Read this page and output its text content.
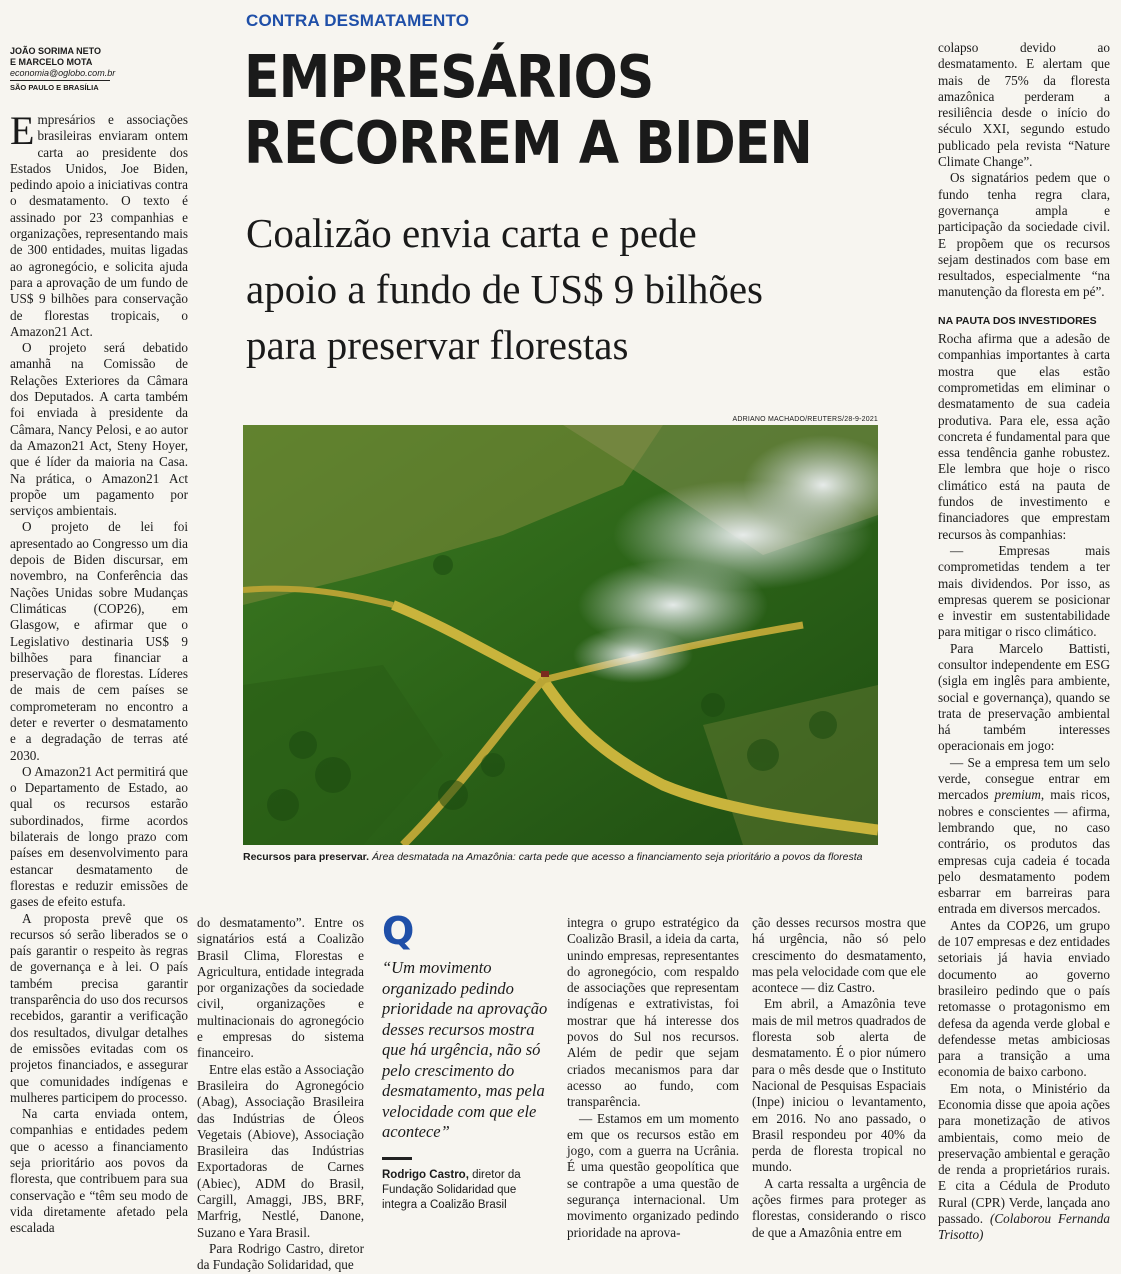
JOÃO SORIMA NETO
E MARCELO MOTA
economia@oglobo.com.br
SÃO PAULO E BRASÍLIA
CONTRA DESMATAMENTO
EMPRESÁRIOS
RECORREM A BIDEN
Coalizão envia carta e pede
apoio a fundo de US$ 9 bilhões
para preservar florestas
ADRIANO MACHADO/REUTERS/28-9-2021
Recursos para preservar. Área desmatada na Amazônia: carta pede que acesso a financiamento seja prioritário a povos da floresta

Empresários e associações brasileiras enviaram ontem carta ao presidente dos Estados Unidos, Joe Biden, pedindo apoio a iniciativas contra o desmatamento. O texto é assinado por 23 companhias e organizações, representando mais de 300 entidades, muitas ligadas ao agronegócio, e solicita ajuda para a aprovação de um fundo de US$ 9 bilhões para conservação de florestas tropicais, o Amazon21 Act.

O projeto será debatido amanhã na Comissão de Relações Exteriores da Câmara dos Deputados. A carta também foi enviada à presidente da Câmara, Nancy Pelosi, e ao autor da Amazon21 Act, Steny Hoyer, que é líder da maioria na Casa. Na prática, o Amazon21 Act propõe um pagamento por serviços ambientais.

O projeto de lei foi apresentado ao Congresso um dia depois de Biden discursar, em novembro, na Conferência das Nações Unidas sobre Mudanças Climáticas (COP26), em Glasgow, e afirmar que o Legislativo destinaria US$ 9 bilhões para financiar a preservação de florestas. Líderes de mais de cem países se comprometeram no encontro a deter e reverter o desmatamento e a degradação de terras até 2030.

O Amazon21 Act permitirá que o Departamento de Estado, ao qual os recursos estarão subordinados, firme acordos bilaterais de longo prazo com países em desenvolvimento para estancar desmatamento de florestas e reduzir emissões de gases de efeito estufa.

A proposta prevê que os recursos só serão liberados se o país garantir o respeito às regras de governança e à lei. O país também precisa garantir transparência do uso dos recursos recebidos, garantir a verificação dos resultados, divulgar detalhes de emissões evitadas com os projetos financiados, e assegurar que comunidades indígenas e mulheres participem do processo.

Na carta enviada ontem, companhias e entidades pedem que o acesso a financiamento seja prioritário aos povos da floresta, que contribuem para sua conservação e “têm seu modo de vida diretamente afetado pela escalada

do desmatamento”. Entre os signatários está a Coalizão Brasil Clima, Florestas e Agricultura, entidade integrada por organizações da sociedade civil, organizações e multinacionais do agronegócio e empresas do sistema financeiro.

Entre elas estão a Associação Brasileira do Agronegócio (Abag), Associação Brasileira das Indústrias de Óleos Vegetais (Abiove), Associação Brasileira das Indústrias Exportadoras de Carnes (Abiec), ADM do Brasil, Cargill, Amaggi, JBS, BRF, Marfrig, Nestlé, Danone, Suzano e Yara Brasil.

Para Rodrigo Castro, diretor da Fundação Solidaridad, que

Q
“Um movimento organizado pedindo prioridade na aprovação desses recursos mostra que há urgência, não só pelo crescimento do desmatamento, mas pela velocidade com que ele acontece”
Rodrigo Castro, diretor da Fundação Solidaridad que integra a Coalizão Brasil

integra o grupo estratégico da Coalizão Brasil, a ideia da carta, unindo empresas, representantes do agronegócio, com respaldo de associações que representam indígenas e extrativistas, foi mostrar que há interesse dos povos do Sul nos recursos. Além de pedir que sejam criados mecanismos para dar acesso ao fundo, com transparência.

— Estamos em um momento em que os recursos estão em jogo, com a guerra na Ucrânia. É uma questão geopolítica que se contrapõe a uma questão de segurança internacional. Um movimento organizado pedindo prioridade na aprova-

ção desses recursos mostra que há urgência, não só pelo crescimento do desmatamento, mas pela velocidade com que ele acontece — diz Castro.

Em abril, a Amazônia teve mais de mil metros quadrados de floresta sob alerta de desmatamento. É o pior número para o mês desde que o Instituto Nacional de Pesquisas Espaciais (Inpe) iniciou o levantamento, em 2016. No ano passado, o Brasil respondeu por 40% da perda de floresta tropical no mundo.

A carta ressalta a urgência de ações firmes para proteger as florestas, considerando o risco de que a Amazônia entre em

colapso devido ao desmatamento. E alertam que mais de 75% da floresta amazônica perderam a resiliência desde o início do século XXI, segundo estudo publicado pela revista “Nature Climate Change”.

Os signatários pedem que o fundo tenha regra clara, governança ampla e participação da sociedade civil. E propõem que os recursos sejam destinados com base em resultados, especialmente “na manutenção da floresta em pé”.

NA PAUTA DOS INVESTIDORES

Rocha afirma que a adesão de companhias importantes à carta mostra que elas estão comprometidas em eliminar o desmatamento de sua cadeia produtiva. Para ele, essa ação concreta é fundamental para que essa tendência ganhe robustez. Ele lembra que hoje o risco climático está na pauta de fundos de investimento e financiadores que emprestam recursos às companhias:

— Empresas mais comprometidas tendem a ter mais dividendos. Por isso, as empresas querem se posicionar e investir em sustentabilidade para mitigar o risco climático.

Para Marcelo Battisti, consultor independente em ESG (sigla em inglês para ambiente, social e governança), quando se trata de preservação ambiental há também interesses operacionais em jogo:

— Se a empresa tem um selo verde, consegue entrar em mercados premium, mais ricos, nobres e conscientes — afirma, lembrando que, no caso contrário, os produtos das empresas cuja cadeia é tocada pelo desmatamento podem esbarrar em barreiras para entrada em diversos mercados.

Antes da COP26, um grupo de 107 empresas e dez entidades setoriais já havia enviado documento ao governo brasileiro pedindo que o país retomasse o protagonismo em defesa da agenda verde global e defendesse metas ambiciosas para a transição a uma economia de baixo carbono.

Em nota, o Ministério da Economia disse que apoia ações para monetização de ativos ambientais, como meio de preservação ambiental e geração de renda a proprietários rurais. E cita a Cédula de Produto Rural (CPR) Verde, lançada ano passado. (Colaborou Fernanda Trisotto)
